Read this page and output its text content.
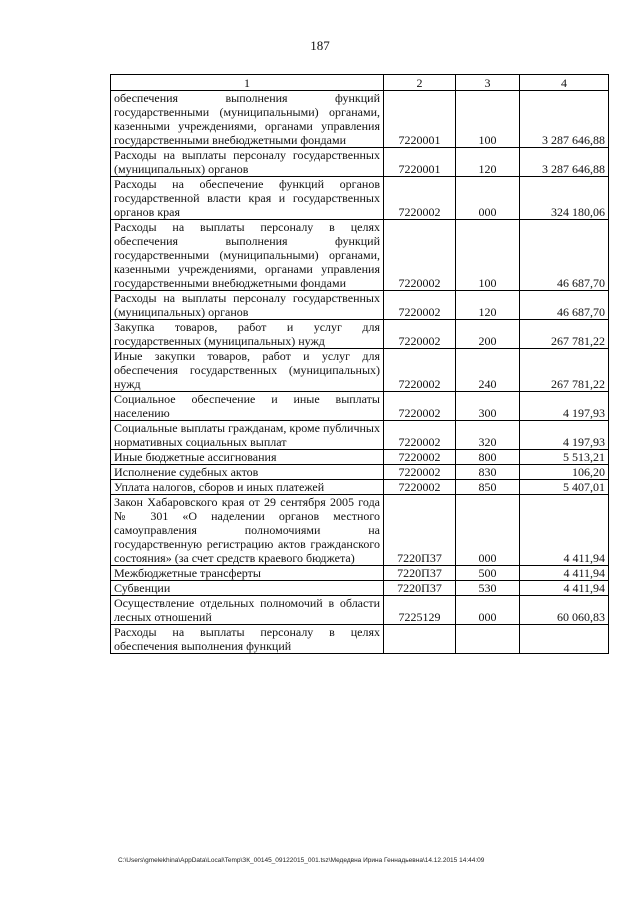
187
1	2	3	4
обеспечения выполнения функций государственными (муниципальными) органами, казенными учреждениями, органами управления государственными внебюджетными фондами	7220001	100	3 287 646,88
Расходы на выплаты персоналу государственных (муниципальных) органов	7220001	120	3 287 646,88
Расходы на обеспечение функций органов государственной власти края и государственных органов края	7220002	000	324 180,06
Расходы на выплаты персоналу в целях обеспечения выполнения функций государственными (муниципальными) органами, казенными учреждениями, органами управления государственными внебюджетными фондами	7220002	100	46 687,70
Расходы на выплаты персоналу государственных (муниципальных) органов	7220002	120	46 687,70
Закупка товаров, работ и услуг для государственных (муниципальных) нужд	7220002	200	267 781,22
Иные закупки товаров, работ и услуг для обеспечения государственных (муниципальных) нужд	7220002	240	267 781,22
Социальное обеспечение и иные выплаты населению	7220002	300	4 197,93
Социальные выплаты гражданам, кроме публичных нормативных социальных выплат	7220002	320	4 197,93
Иные бюджетные ассигнования	7220002	800	5 513,21
Исполнение судебных актов	7220002	830	106,20
Уплата налогов, сборов и иных платежей	7220002	850	5 407,01
Закон Хабаровского края от 29 сентября 2005 года № 301 «О наделении органов местного самоуправления полномочиями на государственную регистрацию актов гражданского состояния» (за счет средств краевого бюджета)	7220П37	000	4 411,94
Межбюджетные трансферты	7220П37	500	4 411,94
Субвенции	7220П37	530	4 411,94
Осуществление отдельных полномочий в области лесных отношений	7225129	000	60 060,83
Расходы на выплаты персоналу в целях обеспечения выполнения функций			
C:\Users\gmelekhina\AppData\Local\Temp\ЗК_00145_09122015_001.tsz\Медедвна Ирина Геннадьевна\14.12.2015 14:44:09
